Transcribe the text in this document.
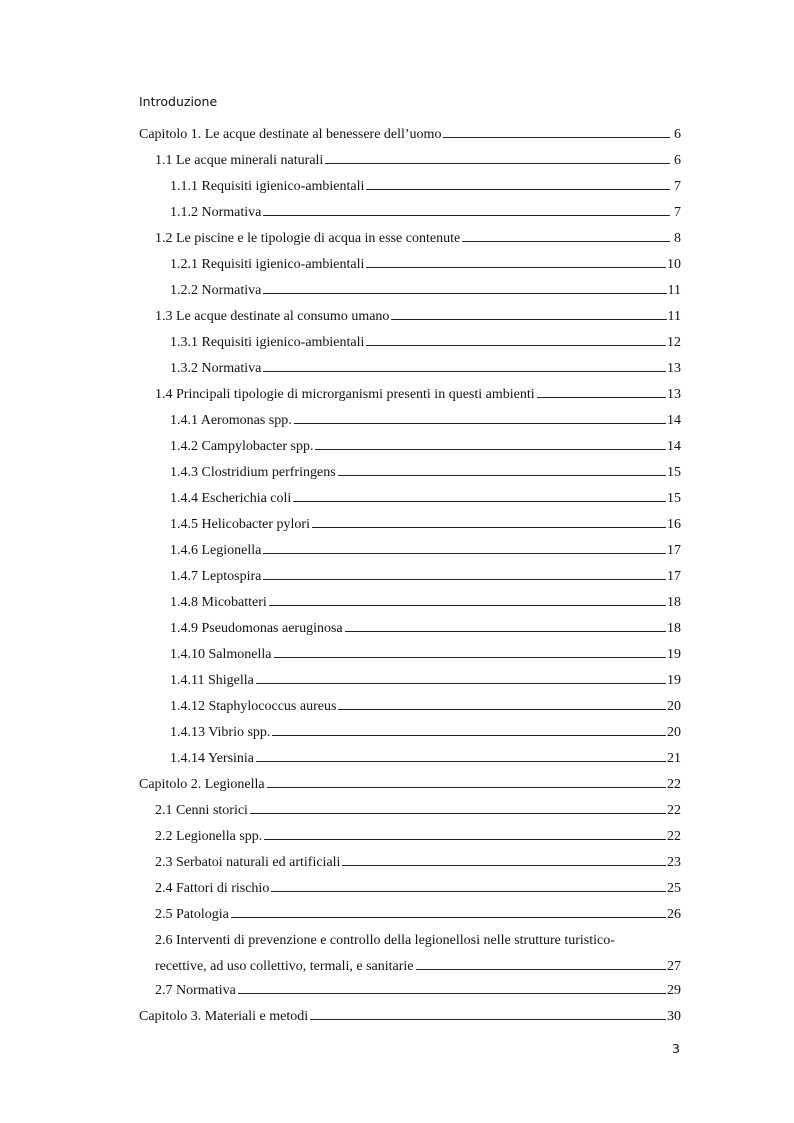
Introduzione
Capitolo 1. Le acque destinate al benessere dell’uomo	6
1.1 Le acque minerali naturali	6
1.1.1 Requisiti igienico-ambientali	7
1.1.2 Normativa	7
1.2 Le piscine e le tipologie di acqua in esse contenute	8
1.2.1 Requisiti igienico-ambientali	10
1.2.2 Normativa	11
1.3 Le acque destinate al consumo umano	11
1.3.1 Requisiti igienico-ambientali	12
1.3.2 Normativa	13
1.4 Principali tipologie di microrganismi presenti in questi ambienti	13
1.4.1 Aeromonas spp.	14
1.4.2 Campylobacter spp.	14
1.4.3 Clostridium perfringens	15
1.4.4 Escherichia coli	15
1.4.5 Helicobacter pylori	16
1.4.6 Legionella	17
1.4.7 Leptospira	17
1.4.8 Micobatteri	18
1.4.9 Pseudomonas aeruginosa	18
1.4.10 Salmonella	19
1.4.11 Shigella	19
1.4.12 Staphylococcus aureus	20
1.4.13 Vibrio spp.	20
1.4.14 Yersinia	21
Capitolo 2. Legionella	22
2.1 Cenni storici	22
2.2 Legionella spp.	22
2.3 Serbatoi naturali ed artificiali	23
2.4 Fattori di rischio	25
2.5 Patologia	26
2.6 Interventi di prevenzione e controllo della legionellosi nelle strutture turistico-
recettive, ad uso collettivo, termali, e sanitarie	27
2.7 Normativa	29
Capitolo 3. Materiali e metodi	30
3
